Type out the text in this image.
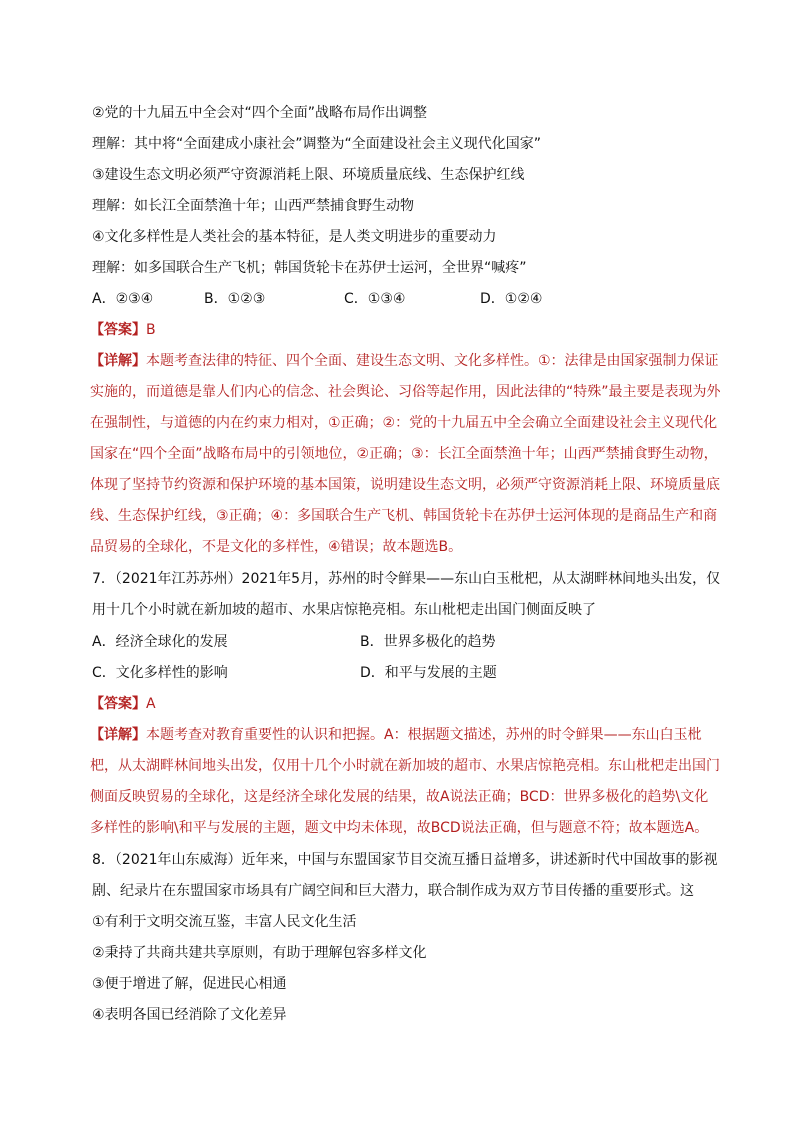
②党的十九届五中全会对“四个全面”战略布局作出调整
理解：其中将“全面建成小康社会”调整为“全面建设社会主义现代化国家”
③建设生态文明必须严守资源消耗上限、环境质量底线、生态保护红线
理解：如长江全面禁渔十年；山西严禁捕食野生动物
④文化多样性是人类社会的基本特征，是人类文明进步的重要动力
理解：如多国联合生产飞机；韩国货轮卡在苏伊士运河，全世界“喊疼”
A．②③④	B．①②③	C．①③④	D．①②④
【答案】B
【详解】本题考查法律的特征、四个全面、建设生态文明、文化多样性。①：法律是由国家强制力保证实施的，而道德是靠人们内心的信念、社会舆论、习俗等起作用，因此法律的“特殊”最主要是表现为外在强制性，与道德的内在约束力相对，①正确；②：党的十九届五中全会确立全面建设社会主义现代化国家在“四个全面”战略布局中的引领地位，②正确；③：长江全面禁渔十年；山西严禁捕食野生动物，体现了坚持节约资源和保护环境的基本国策，说明建设生态文明，必须严守资源消耗上限、环境质量底线、生态保护红线，③正确；④：多国联合生产飞机、韩国货轮卡在苏伊士运河体现的是商品生产和商品贸易的全球化，不是文化的多样性，④错误；故本题选B。
7．（2021年江苏苏州）2021年5月，苏州的时令鲜果——东山白玉枇杷，从太湖畔林间地头出发，仅用十几个小时就在新加坡的超市、水果店惊艳亮相。东山枇杷走出国门侧面反映了
A．经济全球化的发展	B．世界多极化的趋势
C．文化多样性的影响	D．和平与发展的主题
【答案】A
【详解】本题考查对教育重要性的认识和把握。A：根据题文描述，苏州的时令鲜果——东山白玉枇杷，从太湖畔林间地头出发，仅用十几个小时就在新加坡的超市、水果店惊艳亮相。东山枇杷走出国门侧面反映贸易的全球化，这是经济全球化发展的结果，故A说法正确；BCD：世界多极化的趋势\文化多样性的影响\和平与发展的主题，题文中均未体现，故BCD说法正确，但与题意不符；故本题选A。
8．（2021年山东威海）近年来，中国与东盟国家节目交流互播日益增多，讲述新时代中国故事的影视剧、纪录片在东盟国家市场具有广阔空间和巨大潜力，联合制作成为双方节目传播的重要形式。这
①有利于文明交流互鉴，丰富人民文化生活
②秉持了共商共建共享原则，有助于理解包容多样文化
③便于增进了解，促进民心相通
④表明各国已经消除了文化差异
